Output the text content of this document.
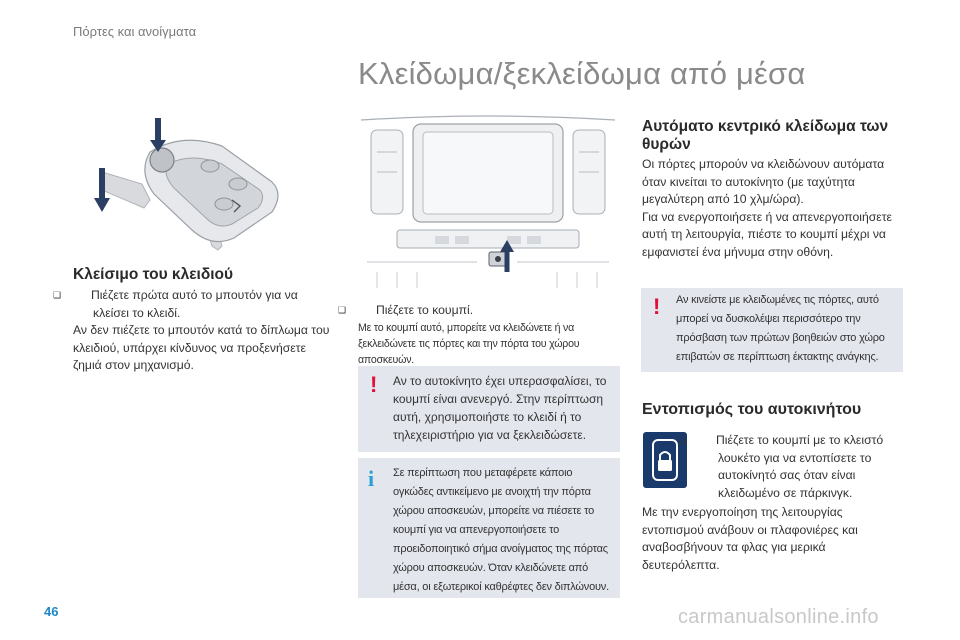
Πόρτες και ανοίγματα
Κλείδωμα/ξεκλείδωμα από μέσα
Κλείσιμο του κλειδιού

❑ Πιέζετε πρώτα αυτό το μπουτόν για να κλείσει το κλειδί.

Αν δεν πιέζετε το μπουτόν κατά το δίπλωμα του κλειδιού, υπάρχει κίνδυνος να προξενήσετε ζημιά στον μηχανισμό.

❑ Πιέζετε το κουμπί.

Με το κουμπί αυτό, μπορείτε να κλειδώνετε ή να ξεκλειδώνετε τις πόρτες και την πόρτα του χώρου αποσκευών.

! Αν το αυτοκίνητο έχει υπερασφαλίσει, το κουμπί είναι ανενεργό. Στην περίπτωση αυτή, χρησιμοποιήστε το κλειδί ή το τηλεχειριστήριο για να ξεκλειδώσετε.
i Σε περίπτωση που μεταφέρετε κάποιο ογκώδες αντικείμενο με ανοιχτή την πόρτα χώρου αποσκευών, μπορείτε να πιέσετε το κουμπί για να απενεργοποιήσετε το προειδοποιητικό σήμα ανοίγματος της πόρτας χώρου αποσκευών. Όταν κλειδώνετε από μέσα, οι εξωτερικοί καθρέφτες δεν διπλώνουν.
Αυτόματο κεντρικό κλείδωμα των θυρών

Οι πόρτες μπορούν να κλειδώνουν αυτόματα όταν κινείται το αυτοκίνητο (με ταχύτητα μεγαλύτερη από 10 χλμ/ώρα).

Για να ενεργοποιήσετε ή να απενεργοποιήσετε αυτή τη λειτουργία, πιέστε το κουμπί μέχρι να εμφανιστεί ένα μήνυμα στην οθόνη.

! Αν κινείστε με κλειδωμένες τις πόρτες, αυτό μπορεί να δυσκολέψει περισσότερο την πρόσβαση των πρώτων βοηθειών στο χώρο επιβατών σε περίπτωση έκτακτης ανάγκης.
Εντοπισμός του αυτοκινήτου

❑ Πιέζετε το κουμπί με το κλειστό λουκέτο για να εντοπίσετε το αυτοκίνητό σας όταν είναι κλειδωμένο σε πάρκινγκ.

Με την ενεργοποίηση της λειτουργίας εντοπισμού ανάβουν οι πλαφονιέρες και αναβοσβήνουν τα φλας για μερικά δευτερόλεπτα.
46	carmanualsonline.info
